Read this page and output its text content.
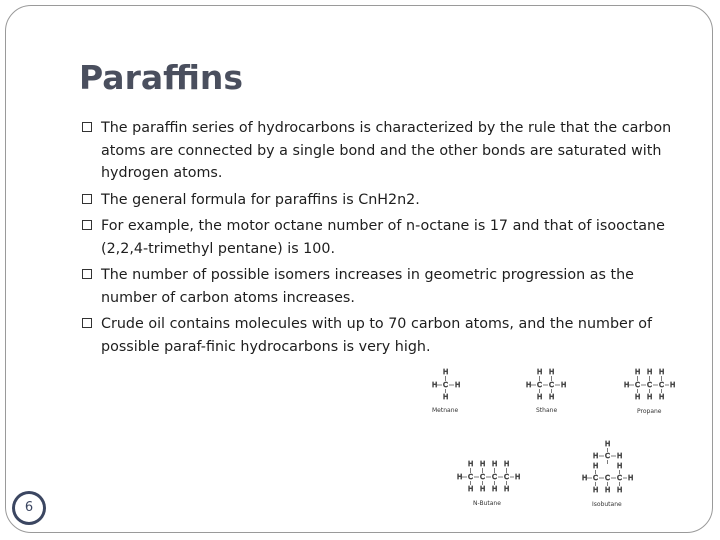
Paraffins
The paraffin series of hydrocarbons is characterized by the rule that the carbon atoms are connected by a single bond and the other bonds are saturated with hydrogen atoms.
The general formula for paraffins is CnH2n2.
For example, the motor octane number of n-octane is 17 and that of isooctane (2,2,4-trimethyl pentane) is 100.
The number of possible isomers increases in geometric progression as the number of carbon atoms increases.
Crude oil contains molecules with up to 70 carbon atoms, and the number of possible paraf-finic hydrocarbons is very high.
H
H C H
H
Metnane
H H
H C C H
H H
Sthane
H H H
H C C C H
H H H
Propane
H H H H
H C C C C H
H H H H
N-Butane
H
H C H
H	H
H C C C H
H H H
Isobutane
6
